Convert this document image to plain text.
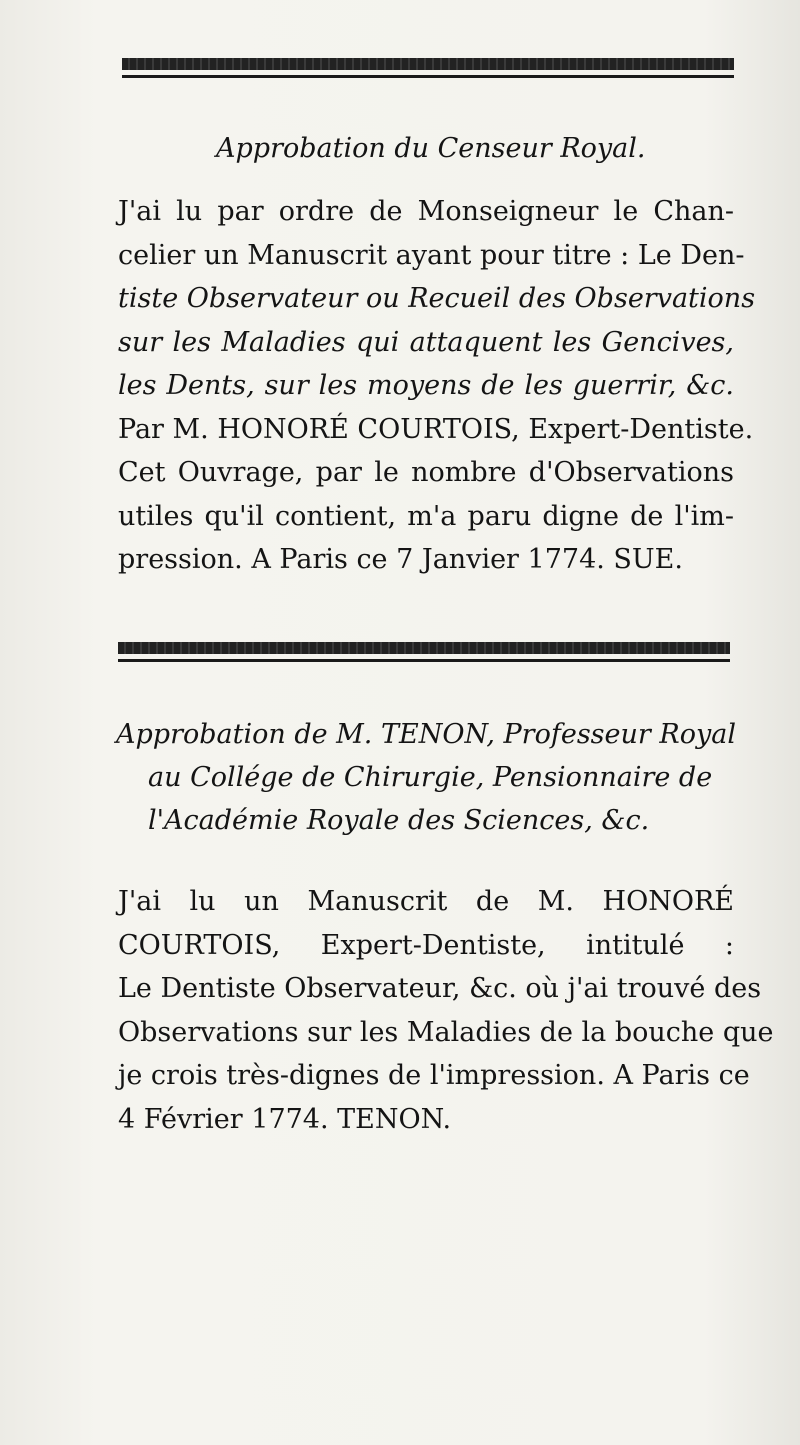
Approbation du Censeur Royal.
J'ai lu par ordre de Monseigneur le Chan-
celier un Manuscrit ayant pour titre : Le Den-
tiste Observateur ou Recueil des Observations
sur les Maladies qui attaquent les Gencives,
les Dents, sur les moyens de les guerrir, &c.
Par M. HONORÉ COURTOIS, Expert-Dentiste.
Cet Ouvrage, par le nombre d'Observations
utiles qu'il contient, m'a paru digne de l'im-
pression. A Paris ce 7 Janvier 1774. SUE.
Approbation de M. TENON, Professeur Royal
au Collége de Chirurgie, Pensionnaire de
l'Académie Royale des Sciences, &c.
J'ai lu un Manuscrit de M. HONORÉ
COURTOIS, Expert-Dentiste, intitulé :
Le Dentiste Observateur, &c. où j'ai trouvé des
Observations sur les Maladies de la bouche que
je crois très-dignes de l'impression. A Paris ce
4 Février 1774. TENON.
